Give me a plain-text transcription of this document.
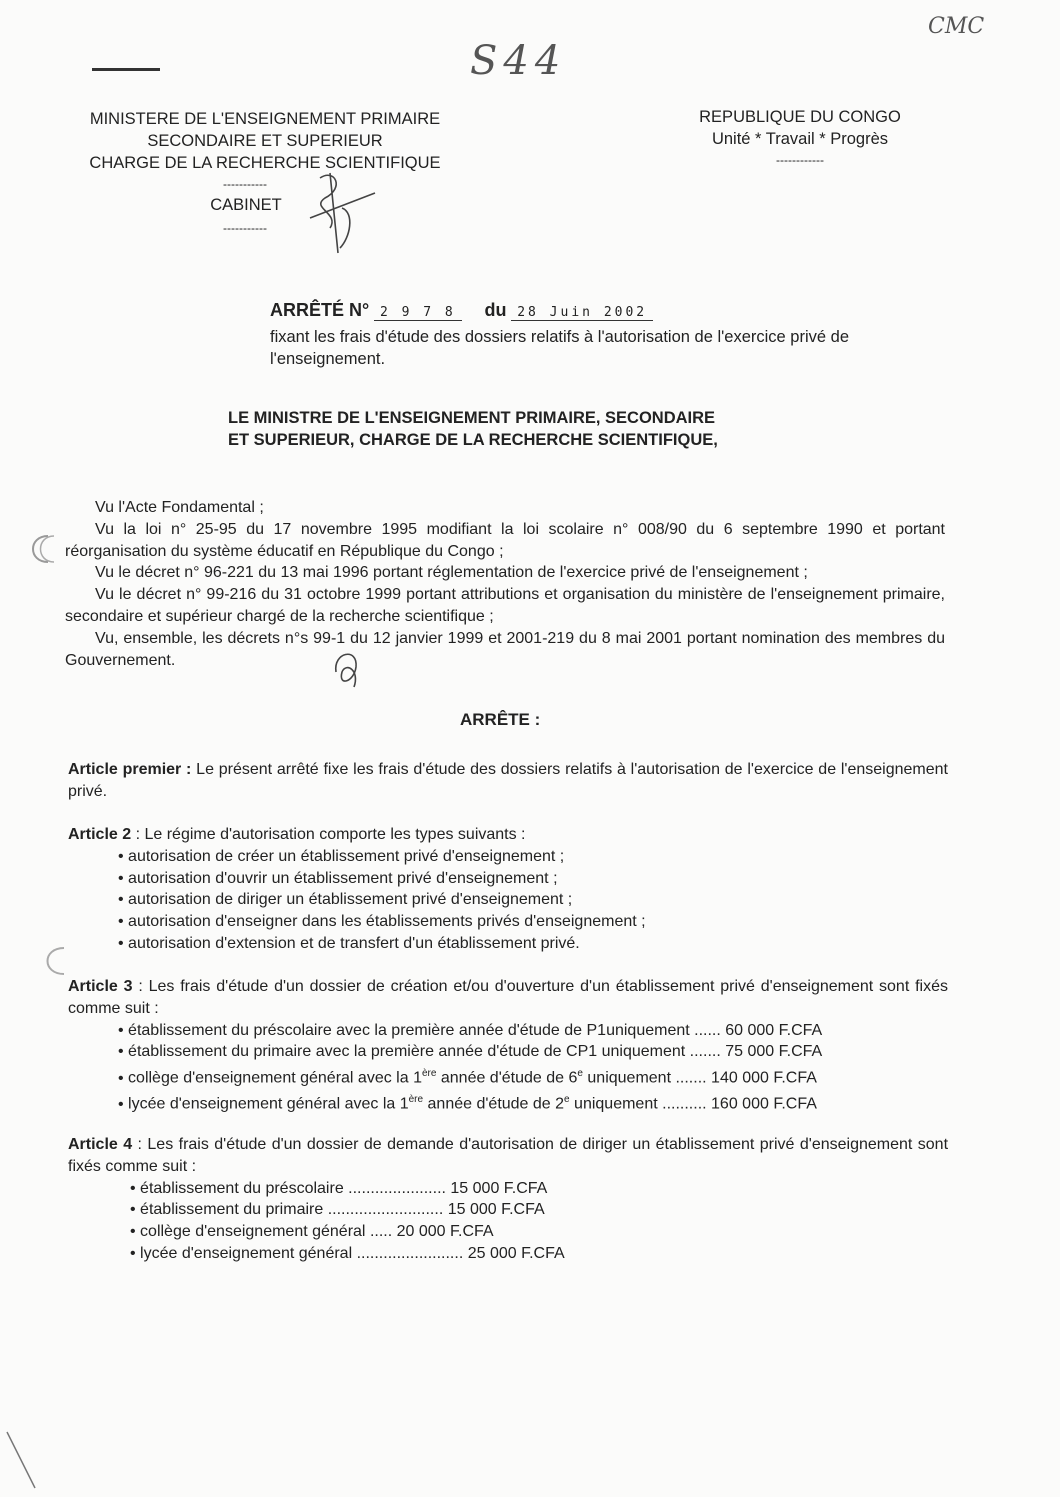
S44
CMC
MINISTERE DE L'ENSEIGNEMENT PRIMAIRE
SECONDAIRE ET SUPERIEUR
CHARGE DE LA RECHERCHE SCIENTIFIQUE
-----------
CABINET
-----------
REPUBLIQUE DU CONGO
Unité * Travail * Progrès
------------
ARRÊTÉ N° 2 9 7 8 du 28 Juin 2002
fixant les frais d'étude des dossiers relatifs à l'autorisation de l'exercice privé de l'enseignement.
LE MINISTRE DE L'ENSEIGNEMENT PRIMAIRE, SECONDAIRE
ET SUPERIEUR, CHARGE DE LA RECHERCHE SCIENTIFIQUE,

Vu l'Acte Fondamental ;

Vu la loi n° 25-95 du 17 novembre 1995 modifiant la loi scolaire n° 008/90 du 6 septembre 1990 et portant réorganisation du système éducatif en République du Congo ;

Vu le décret n° 96-221 du 13 mai 1996 portant réglementation de l'exercice privé de l'enseignement ;

Vu le décret n° 99-216 du 31 octobre 1999 portant attributions et organisation du ministère de l'enseignement primaire, secondaire et supérieur chargé de la recherche scientifique ;

Vu, ensemble, les décrets n°s 99-1 du 12 janvier 1999 et 2001-219 du 8 mai 2001 portant nomination des membres du Gouvernement.

ARRÊTE :

Article premier : Le présent arrêté fixe les frais d'étude des dossiers relatifs à l'autorisation de l'exercice de l'enseignement privé.

Article 2 : Le régime d'autorisation comporte les types suivants :

• autorisation de créer un établissement privé d'enseignement ;
• autorisation d'ouvrir un établissement privé d'enseignement ;
• autorisation de diriger un établissement privé d'enseignement ;
• autorisation d'enseigner dans les établissements privés d'enseignement ;
• autorisation d'extension et de transfert d'un établissement privé.

Article 3 : Les frais d'étude d'un dossier de création et/ou d'ouverture d'un établissement privé d'enseignement sont fixés comme suit :

• établissement du préscolaire avec la première année d'étude de P1uniquement ...... 60 000 F.CFA
• établissement du primaire avec la première année d'étude de CP1 uniquement ....... 75 000 F.CFA
• collège d'enseignement général avec la 1ère année d'étude de 6e uniquement ....... 140 000 F.CFA
• lycée d'enseignement général avec la 1ère année d'étude de 2e uniquement .......... 160 000 F.CFA

Article 4 : Les frais d'étude d'un dossier de demande d'autorisation de diriger un établissement privé d'enseignement sont fixés comme suit :

• établissement du préscolaire ...................... 15 000 F.CFA
• établissement du primaire .......................... 15 000 F.CFA
• collège d'enseignement général ..... 20 000 F.CFA
• lycée d'enseignement général ........................ 25 000 F.CFA
